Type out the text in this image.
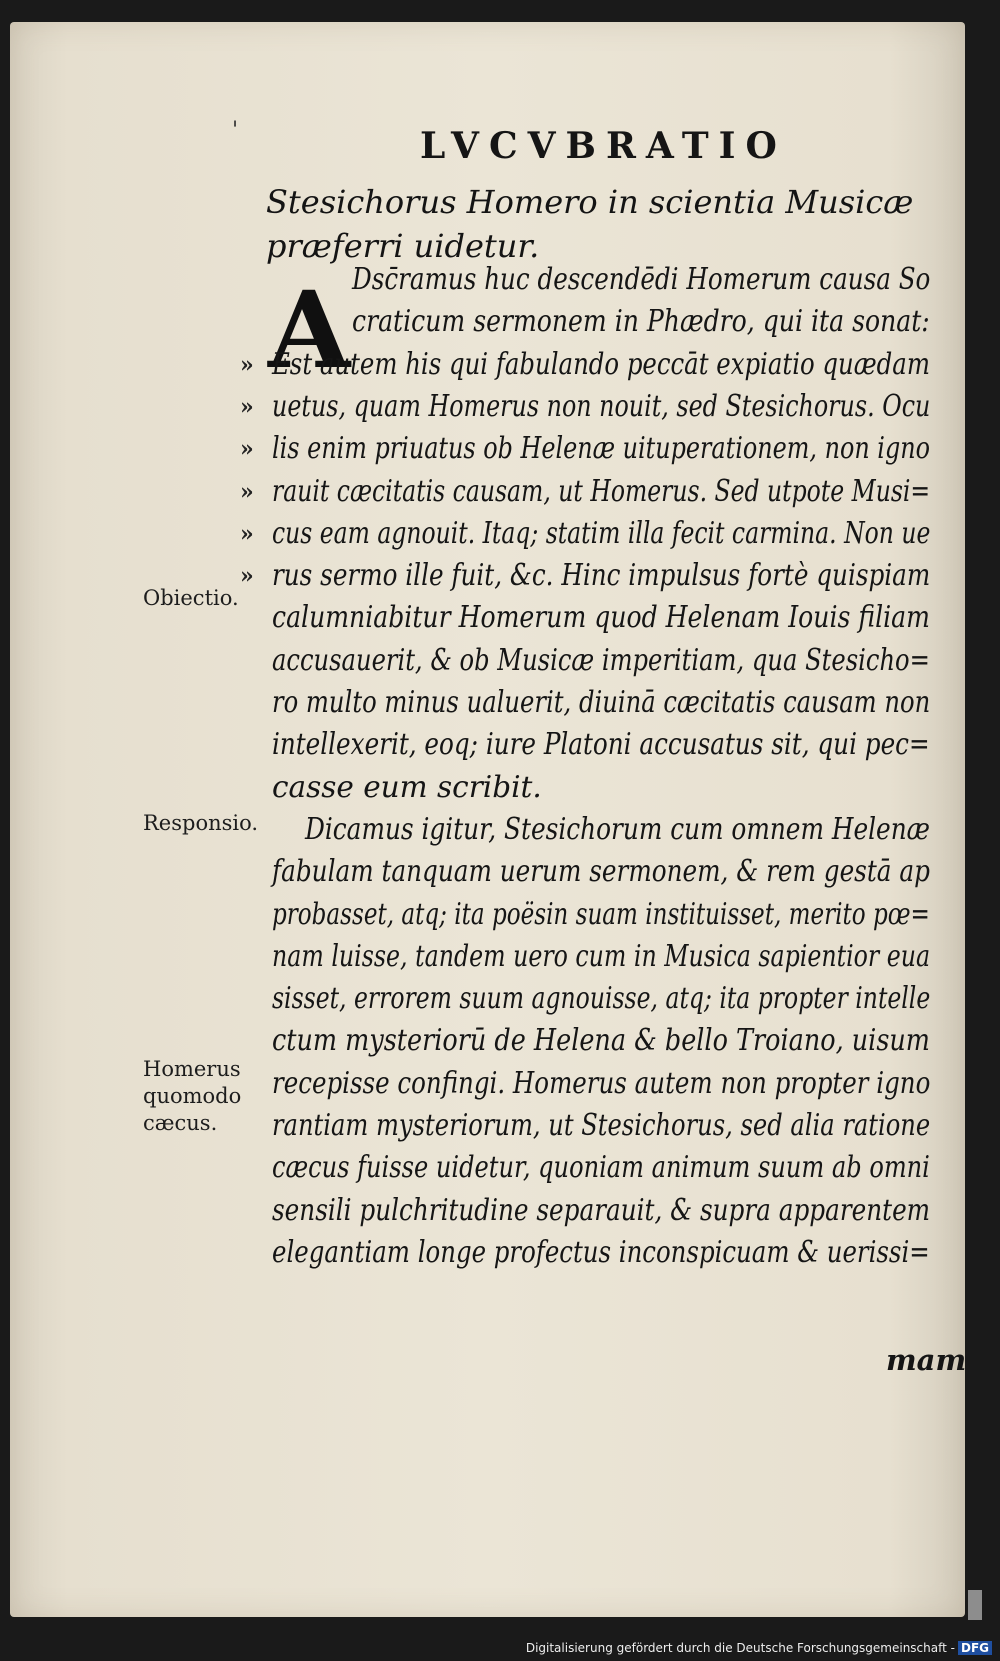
'	LVCVBRATIO
Stesichorus Homero in scientia Musicæ præferri uidetur.
A Dsc̄ramus huc descendēdi Homerum causa So
craticum sermonem in Phædro, qui ita sonat:
Est autem his qui fabulando peccāt expiatio quædam
»
uetus, quam Homerus non nouit, sed Stesichorus. Ocu
»
lis enim priuatus ob Helenæ uituperationem, non igno
»
rauit cæcitatis causam, ut Homerus. Sed utpote Musi=
»
cus eam agnouit. Itaq; statim illa fecit carmina. Non ue
»
rus sermo ille fuit, &c. Hinc impulsus fortè quispiam
»
calumniabitur Homerum quod Helenam Iouis filiam
accusauerit, & ob Musicæ imperitiam, qua Stesicho=
ro multo minus ualuerit, diuinā cæcitatis causam non
intellexerit, eoq; iure Platoni accusatus sit, qui pec=
casse eum scribit.
Dicamus igitur, Stesichorum cum omnem Helenæ
fabulam tanquam uerum sermonem, & rem gestā ap
probasset, atq; ita poësin suam instituisset, merito pœ=
nam luisse, tandem uero cum in Musica sapientior eua
sisset, errorem suum agnouisse, atq; ita propter intelle
ctum mysteriorū de Helena & bello Troiano, uisum
recepisse confingi. Homerus autem non propter igno
rantiam mysteriorum, ut Stesichorus, sed alia ratione
cæcus fuisse uidetur, quoniam animum suum ab omni
sensili pulchritudine separauit, & supra apparentem
elegantiam longe profectus inconspicuam & uerissi=
Obiectio.
Responsio.
Homerus
quomodo
cæcus.
mam
Digitalisierung gefördert durch die Deutsche Forschungsgemeinschaft - DFG
